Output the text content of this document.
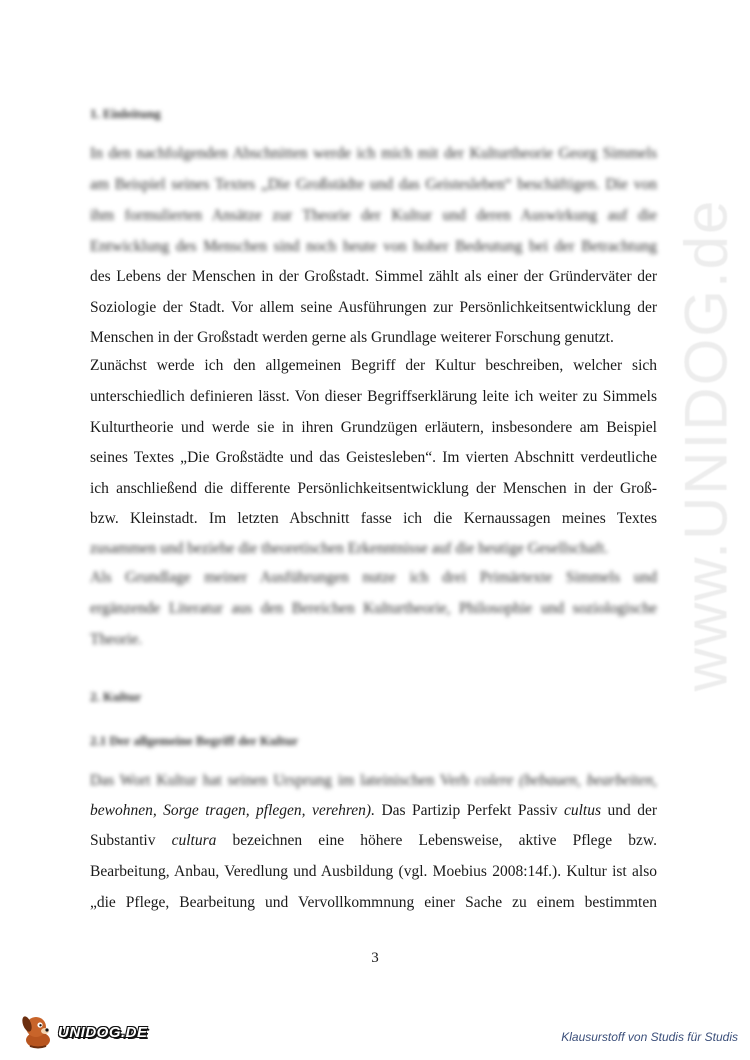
www.UNIDOG.de
1. Einleitung
In den nachfolgenden Abschnitten werde ich mich mit der Kulturtheorie Georg Simmels
am Beispiel seines Textes „Die Großstädte und das Geistesleben“ beschäftigen. Die von
ihm formulierten Ansätze zur Theorie der Kultur und deren Auswirkung auf die
Entwicklung des Menschen sind noch heute von hoher Bedeutung bei der Betrachtung
des Lebens der Menschen in der Großstadt. Simmel zählt als einer der Gründerväter der
Soziologie der Stadt. Vor allem seine Ausführungen zur Persönlichkeitsentwicklung der
Menschen in der Großstadt werden gerne als Grundlage weiterer Forschung genutzt.
Zunächst werde ich den allgemeinen Begriff der Kultur beschreiben, welcher sich
unterschiedlich definieren lässt. Von dieser Begriffserklärung leite ich weiter zu Simmels
Kulturtheorie und werde sie in ihren Grundzügen erläutern, insbesondere am Beispiel
seines Textes „Die Großstädte und das Geistesleben“. Im vierten Abschnitt verdeutliche
ich anschließend die differente Persönlichkeitsentwicklung der Menschen in der Groß-
bzw. Kleinstadt. Im letzten Abschnitt fasse ich die Kernaussagen meines Textes
zusammen und beziehe die theoretischen Erkenntnisse auf die heutige Gesellschaft.
Als Grundlage meiner Ausführungen nutze ich drei Primärtexte Simmels und
ergänzende Literatur aus den Bereichen Kulturtheorie, Philosophie und soziologische
Theorie.
2. Kultur
2.1 Der allgemeine Begriff der Kultur
Das Wort Kultur hat seinen Ursprung im lateinischen Verb colere (bebauen, bearbeiten,
bewohnen, Sorge tragen, pflegen, verehren). Das Partizip Perfekt Passiv cultus und der
Substantiv cultura bezeichnen eine höhere Lebensweise, aktive Pflege bzw.
Bearbeitung, Anbau, Veredlung und Ausbildung (vgl. Moebius 2008:14f.). Kultur ist also
„die Pflege, Bearbeitung und Vervollkommnung einer Sache zu einem bestimmten
3
UNIDOG.DE	Klausurstoff von Studis für Studis
